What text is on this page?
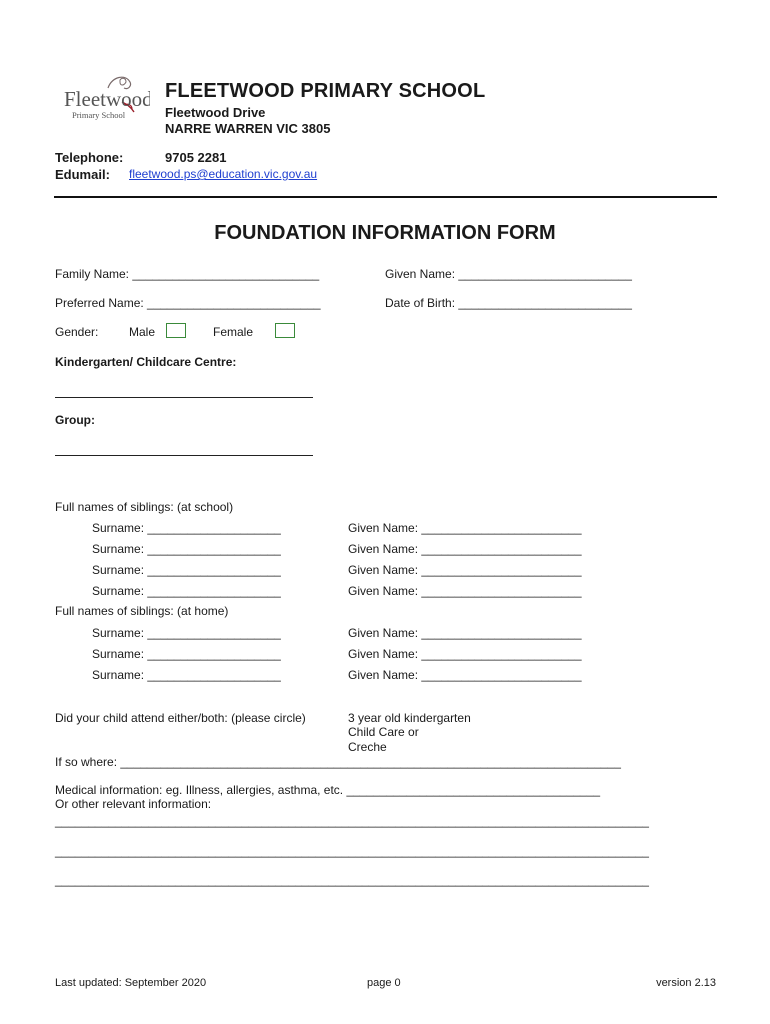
Fleetwood
Primary School
FLEETWOOD PRIMARY SCHOOL
Fleetwood Drive
NARRE WARREN VIC 3805
Telephone:	9705 2281
Edumail: fleetwood.ps@education.vic.gov.au
FOUNDATION INFORMATION FORM
Family Name: ____________________________	Given Name: __________________________
Preferred Name: __________________________	Date of Birth: __________________________
Gender:	Male	Female
Kindergarten/ Childcare Centre:
Group:
Full names of siblings: (at school)
Surname: ____________________	Given Name: ________________________
Surname: ____________________	Given Name: ________________________
Surname: ____________________	Given Name: ________________________
Surname: ____________________	Given Name: ________________________
Full names of siblings: (at home)
Surname: ____________________	Given Name: ________________________
Surname: ____________________	Given Name: ________________________
Surname: ____________________	Given Name: ________________________
Did your child attend either/both: (please circle)	3 year old kindergarten
Child Care or
Creche
If so where: ___________________________________________________________________________
Medical information: eg. Illness, allergies, asthma, etc. ______________________________________
Or other relevant information:
_________________________________________________________________________________________
_________________________________________________________________________________________
_________________________________________________________________________________________
Last updated: September 2020	page 0	version 2.13
